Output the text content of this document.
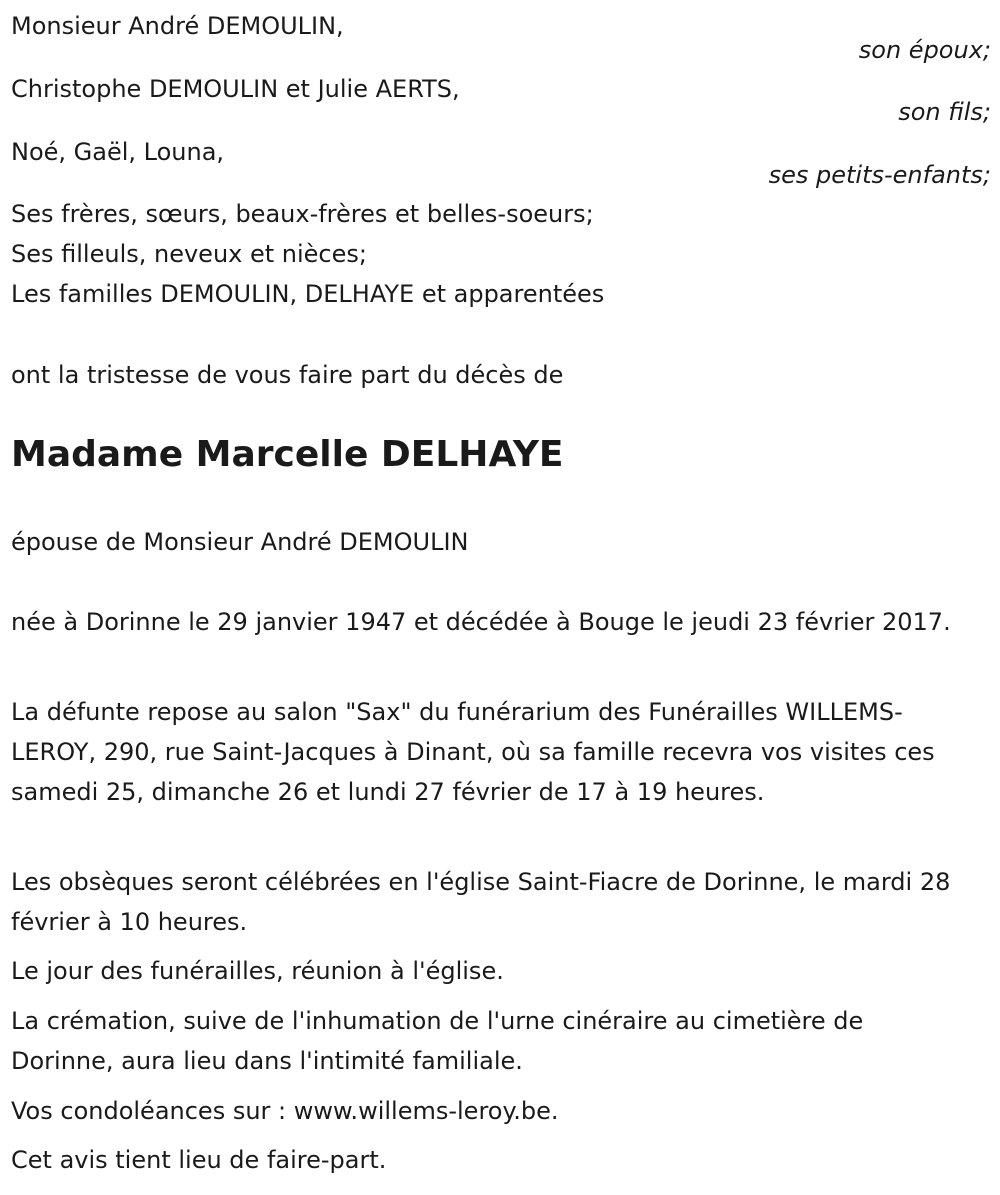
Monsieur André DEMOULIN,
son époux;
Christophe DEMOULIN et Julie AERTS,
son fils;
Noé, Gaël, Louna,
ses petits-enfants;
Ses frères, sœurs, beaux-frères et belles-soeurs;
Ses filleuls, neveux et nièces;
Les familles DEMOULIN, DELHAYE et apparentées
ont la tristesse de vous faire part du décès de
Madame Marcelle DELHAYE
épouse de Monsieur André DEMOULIN
née à Dorinne le 29 janvier 1947 et décédée à Bouge le jeudi 23 février 2017.
La défunte repose au salon "Sax" du funérarium des Funérailles WILLEMS-LEROY, 290, rue Saint-Jacques à Dinant, où sa famille recevra vos visites ces samedi 25, dimanche 26 et lundi 27 février de 17 à 19 heures.
Les obsèques seront célébrées en l'église Saint-Fiacre de Dorinne, le mardi 28 février à 10 heures.
Le jour des funérailles, réunion à l'église.
La crémation, suive de l'inhumation de l'urne cinéraire au cimetière de Dorinne, aura lieu dans l'intimité familiale.
Vos condoléances sur : www.willems-leroy.be.
Cet avis tient lieu de faire-part.
